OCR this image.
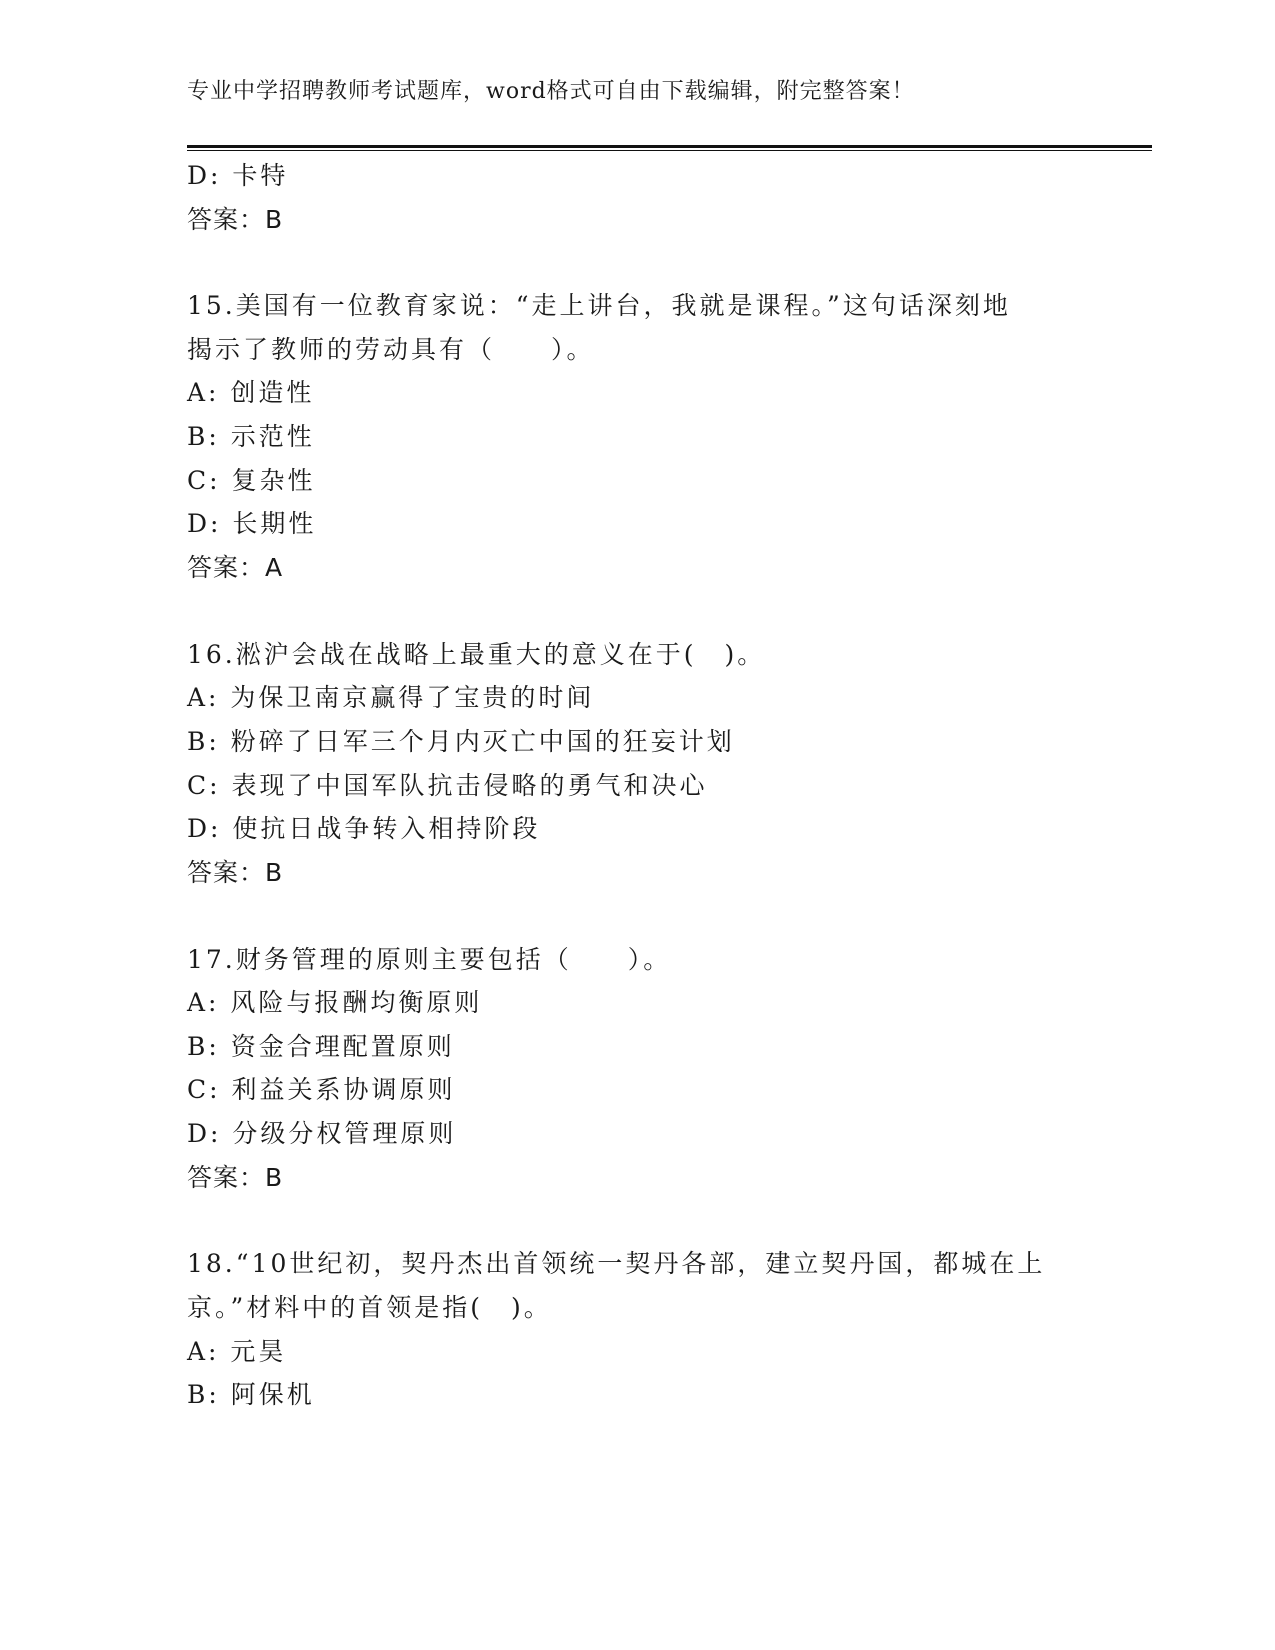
专业中学招聘教师考试题库，word格式可自由下载编辑，附完整答案！
D: 卡特
答案：B
15.美国有一位教育家说：“走上讲台，我就是课程。”这句话深刻地
揭示了教师的劳动具有（　　）。
A: 创造性
B: 示范性
C: 复杂性
D: 长期性
答案：A
16.淞沪会战在战略上最重大的意义在于(　)。
A: 为保卫南京赢得了宝贵的时间
B: 粉碎了日军三个月内灭亡中国的狂妄计划
C: 表现了中国军队抗击侵略的勇气和决心
D: 使抗日战争转入相持阶段
答案：B
17.财务管理的原则主要包括（　　）。
A: 风险与报酬均衡原则
B: 资金合理配置原则
C: 利益关系协调原则
D: 分级分权管理原则
答案：B
18.“10世纪初，契丹杰出首领统一契丹各部，建立契丹国，都城在上
京。”材料中的首领是指(　)。
A: 元昊
B: 阿保机
